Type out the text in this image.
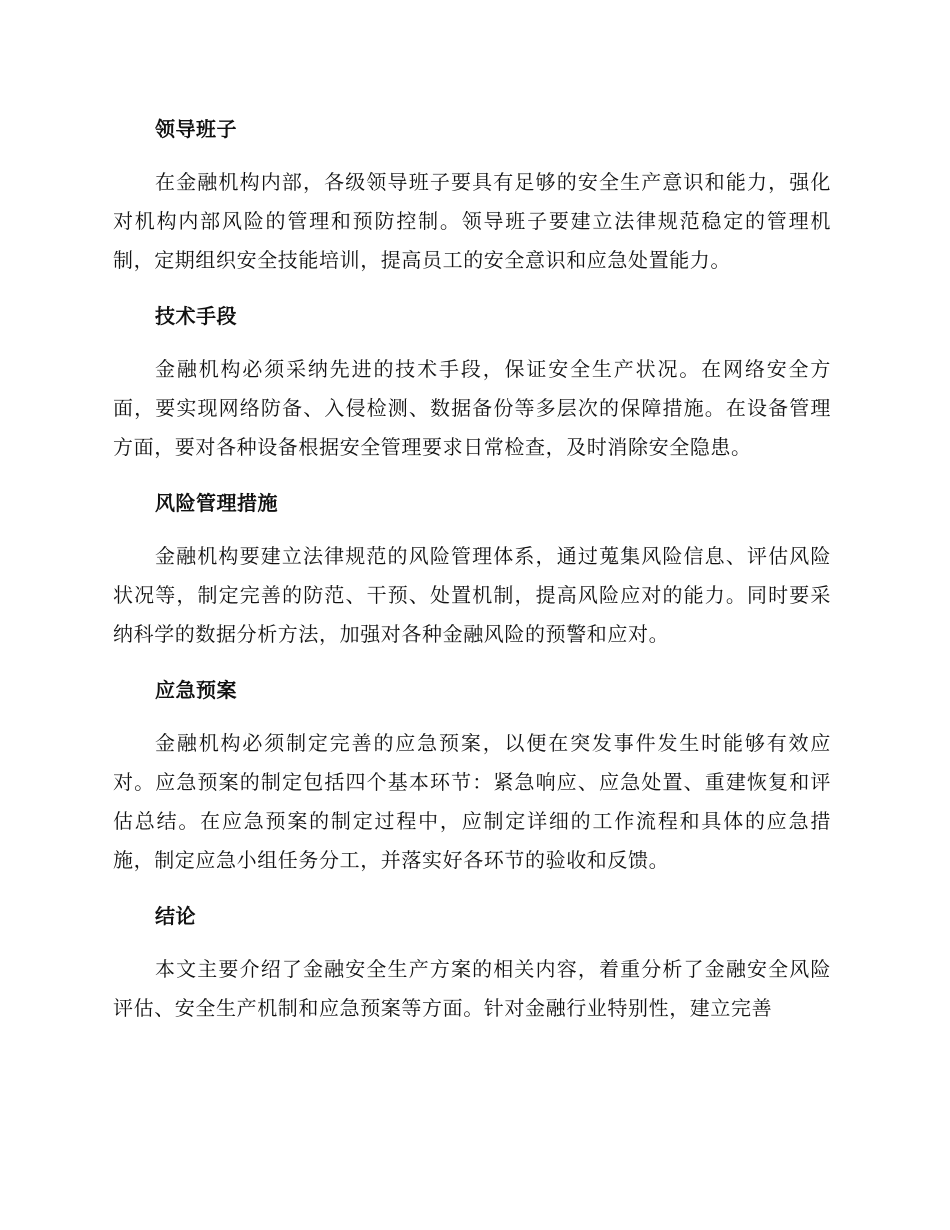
领导班子

在金融机构内部，各级领导班子要具有足够的安全生产意识和能力，强化对机构内部风险的管理和预防控制。领导班子要建立法律规范稳定的管理机制，定期组织安全技能培训，提高员工的安全意识和应急处置能力。

技术手段

金融机构必须采纳先进的技术手段，保证安全生产状况。在网络安全方面，要实现网络防备、入侵检测、数据备份等多层次的保障措施。在设备管理方面，要对各种设备根据安全管理要求日常检查，及时消除安全隐患。

风险管理措施

金融机构要建立法律规范的风险管理体系，通过蒐集风险信息、评估风险状况等，制定完善的防范、干预、处置机制，提高风险应对的能力。同时要采纳科学的数据分析方法，加强对各种金融风险的预警和应对。

应急预案

金融机构必须制定完善的应急预案，以便在突发事件发生时能够有效应对。应急预案的制定包括四个基本环节：紧急响应、应急处置、重建恢复和评估总结。在应急预案的制定过程中，应制定详细的工作流程和具体的应急措施，制定应急小组任务分工，并落实好各环节的验收和反馈。

结论

本文主要介绍了金融安全生产方案的相关内容，着重分析了金融安全风险评估、安全生产机制和应急预案等方面。针对金融行业特别性，建立完善
